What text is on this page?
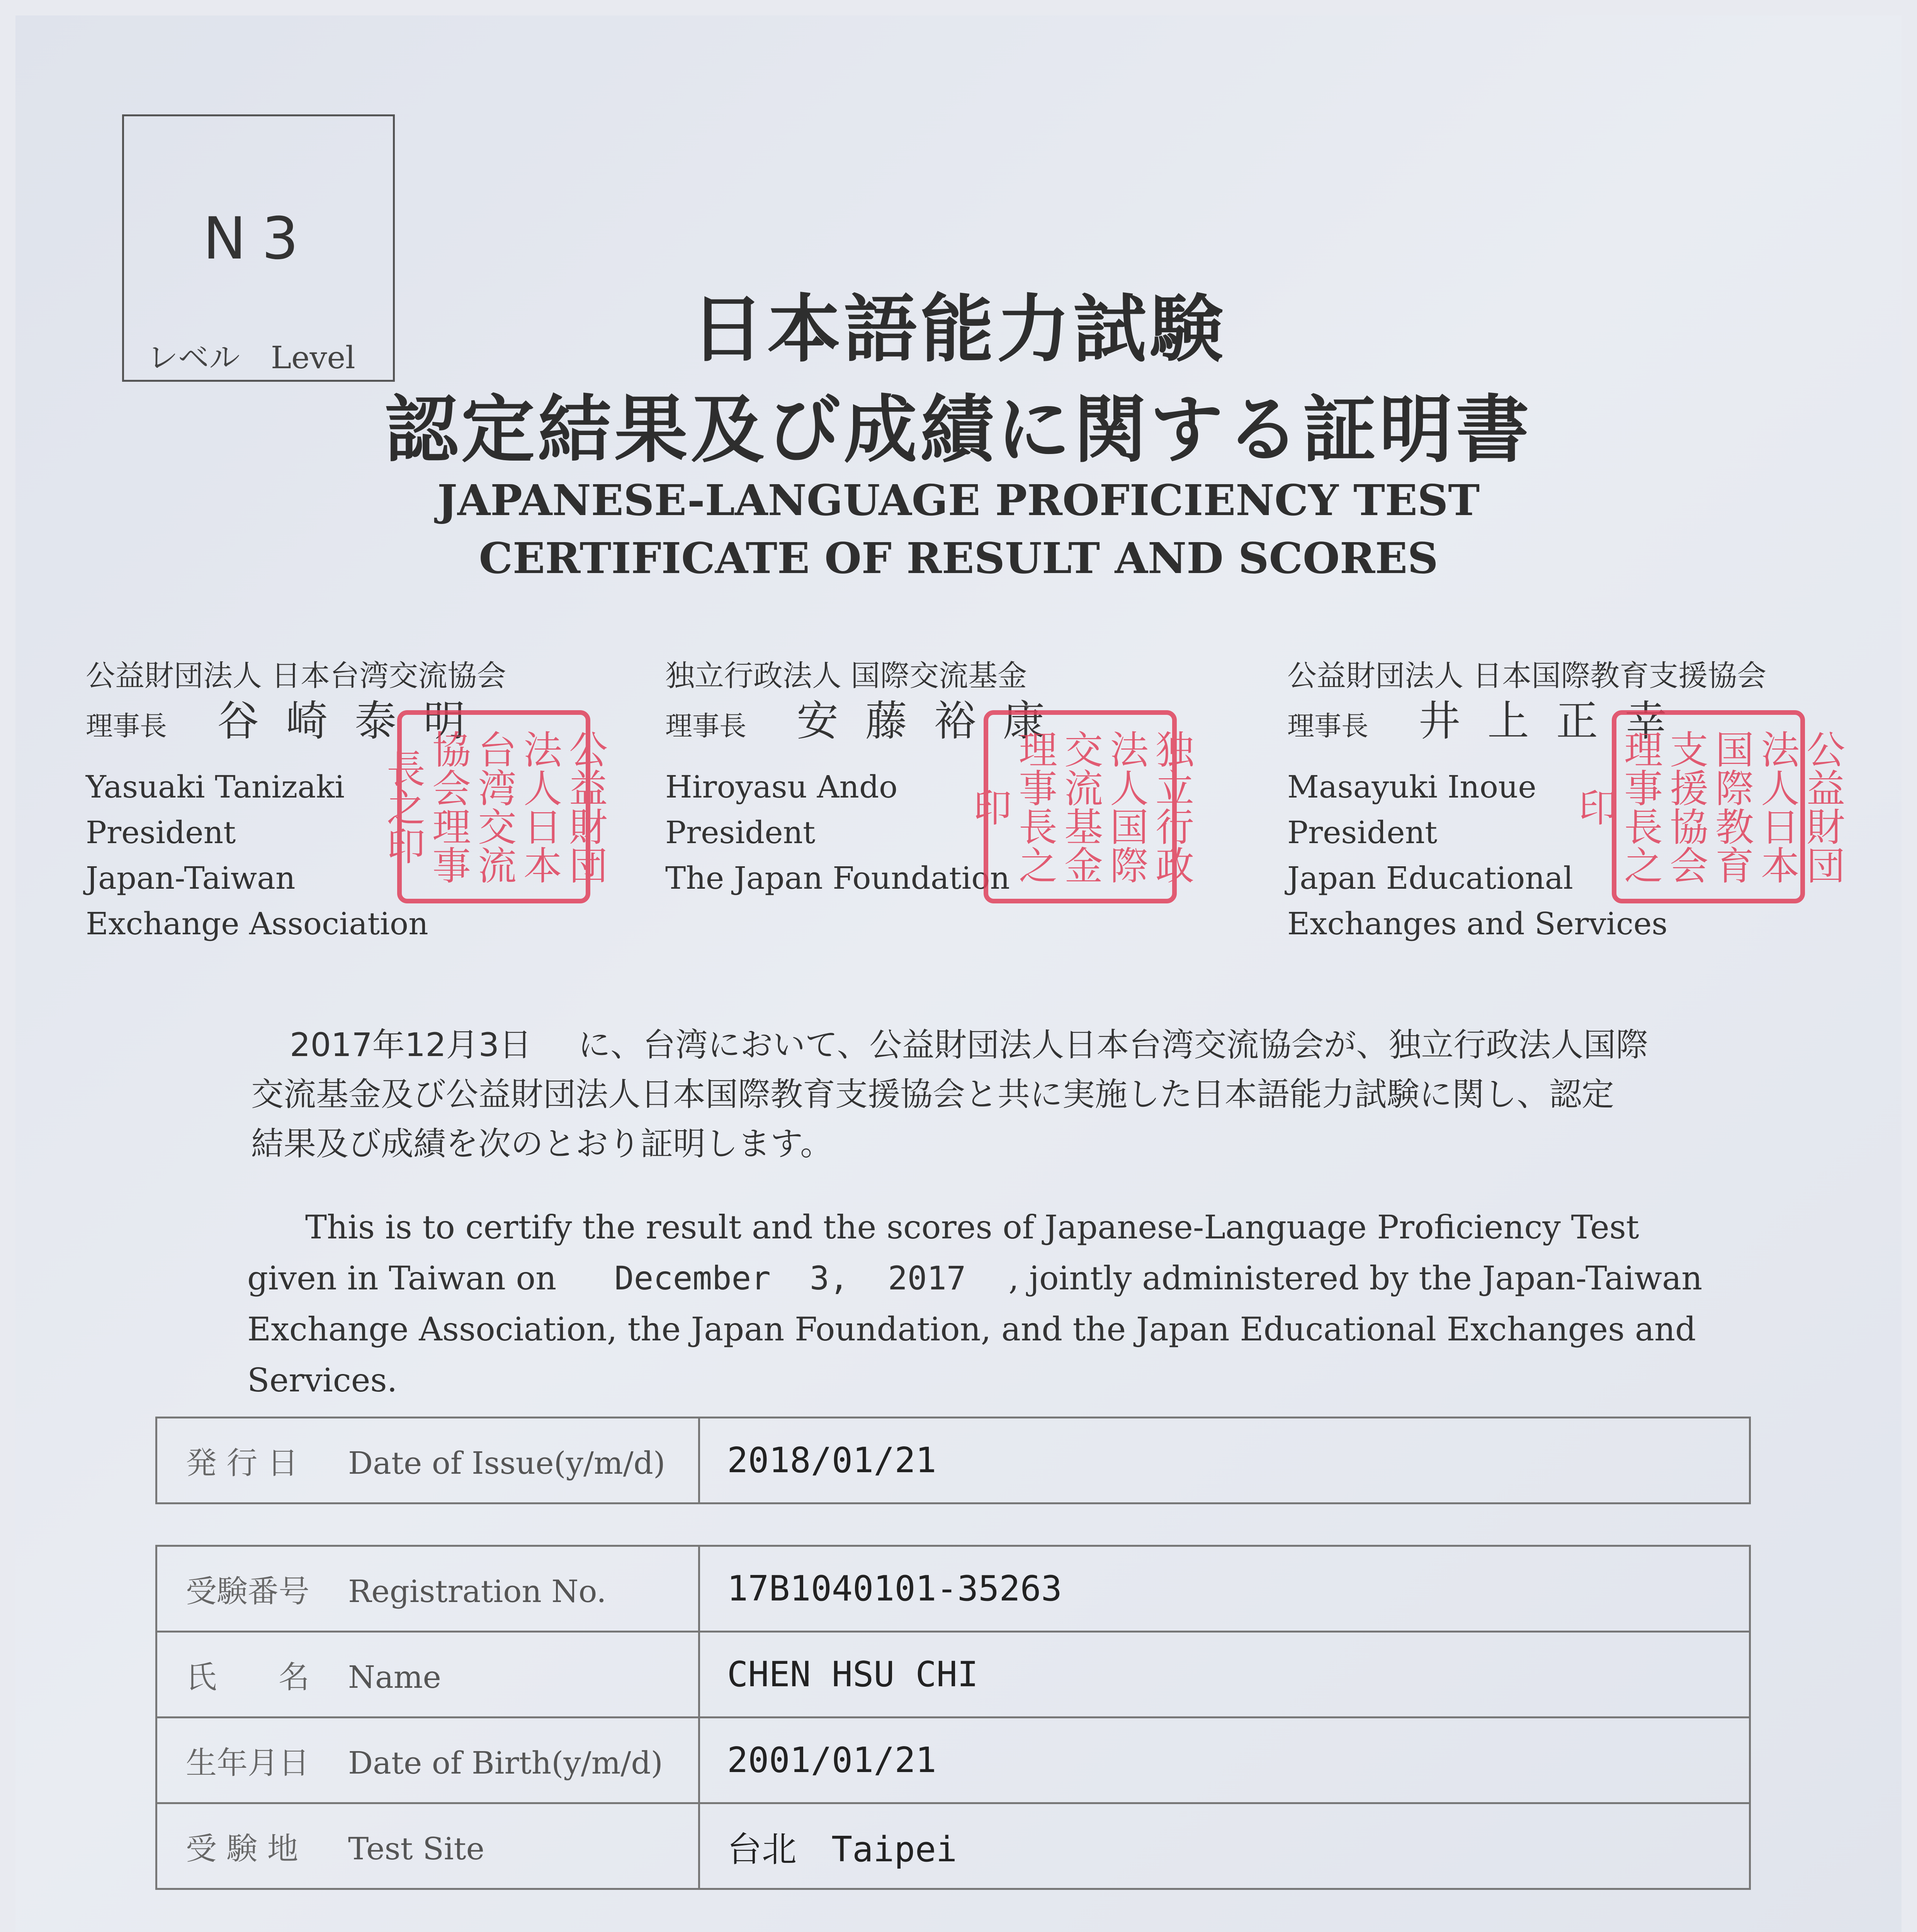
N3
レベル Level	日本語能力試験
認定結果及び成績に関する証明書
JAPANESE-LANGUAGE PROFICIENCY TEST
CERTIFICATE OF RESULT AND SCORES
公益財団法人 日本台湾交流協会
理事長 谷崎泰明
Yasuaki Tanizaki
President
Japan-Taiwan
Exchange Association
公益財団法人日本台湾交流協会理事長之印
独立行政法人 国際交流基金
理事長 安藤裕康
Hiroyasu Ando
President
The Japan Foundation	独立行政法人国際交流基金理事長之印
公益財団法人 日本国際教育支援協会
理事長 井上正幸
Masayuki Inoue
President
Japan Educational
Exchanges and Services
公益財団法人日本国際教育支援協会理事長之印
2017年12月3日 に、台湾において、公益財団法人日本台湾交流協会が、独立行政法人国際
交流基金及び公益財団法人日本国際教育支援協会と共に実施した日本語能力試験に関し、認定
結果及び成績を次のとおり証明します。
This is to certify the result and the scores of Japanese-Language Proficiency Test
given in Taiwan on December  3,  2017 , jointly administered by the Japan-Taiwan
Exchange Association, the Japan Foundation, and the Japan Educational Exchanges and Services.
発 行 日 Date of Issue(y/m/d)	2018/01/21
受験番号 Registration No.	17B1040101-35263
氏　　名 Name	CHEN HSU CHI
生年月日 Date of Birth(y/m/d)	2001/01/21
受 験 地 Test Site	台北　Taipei
